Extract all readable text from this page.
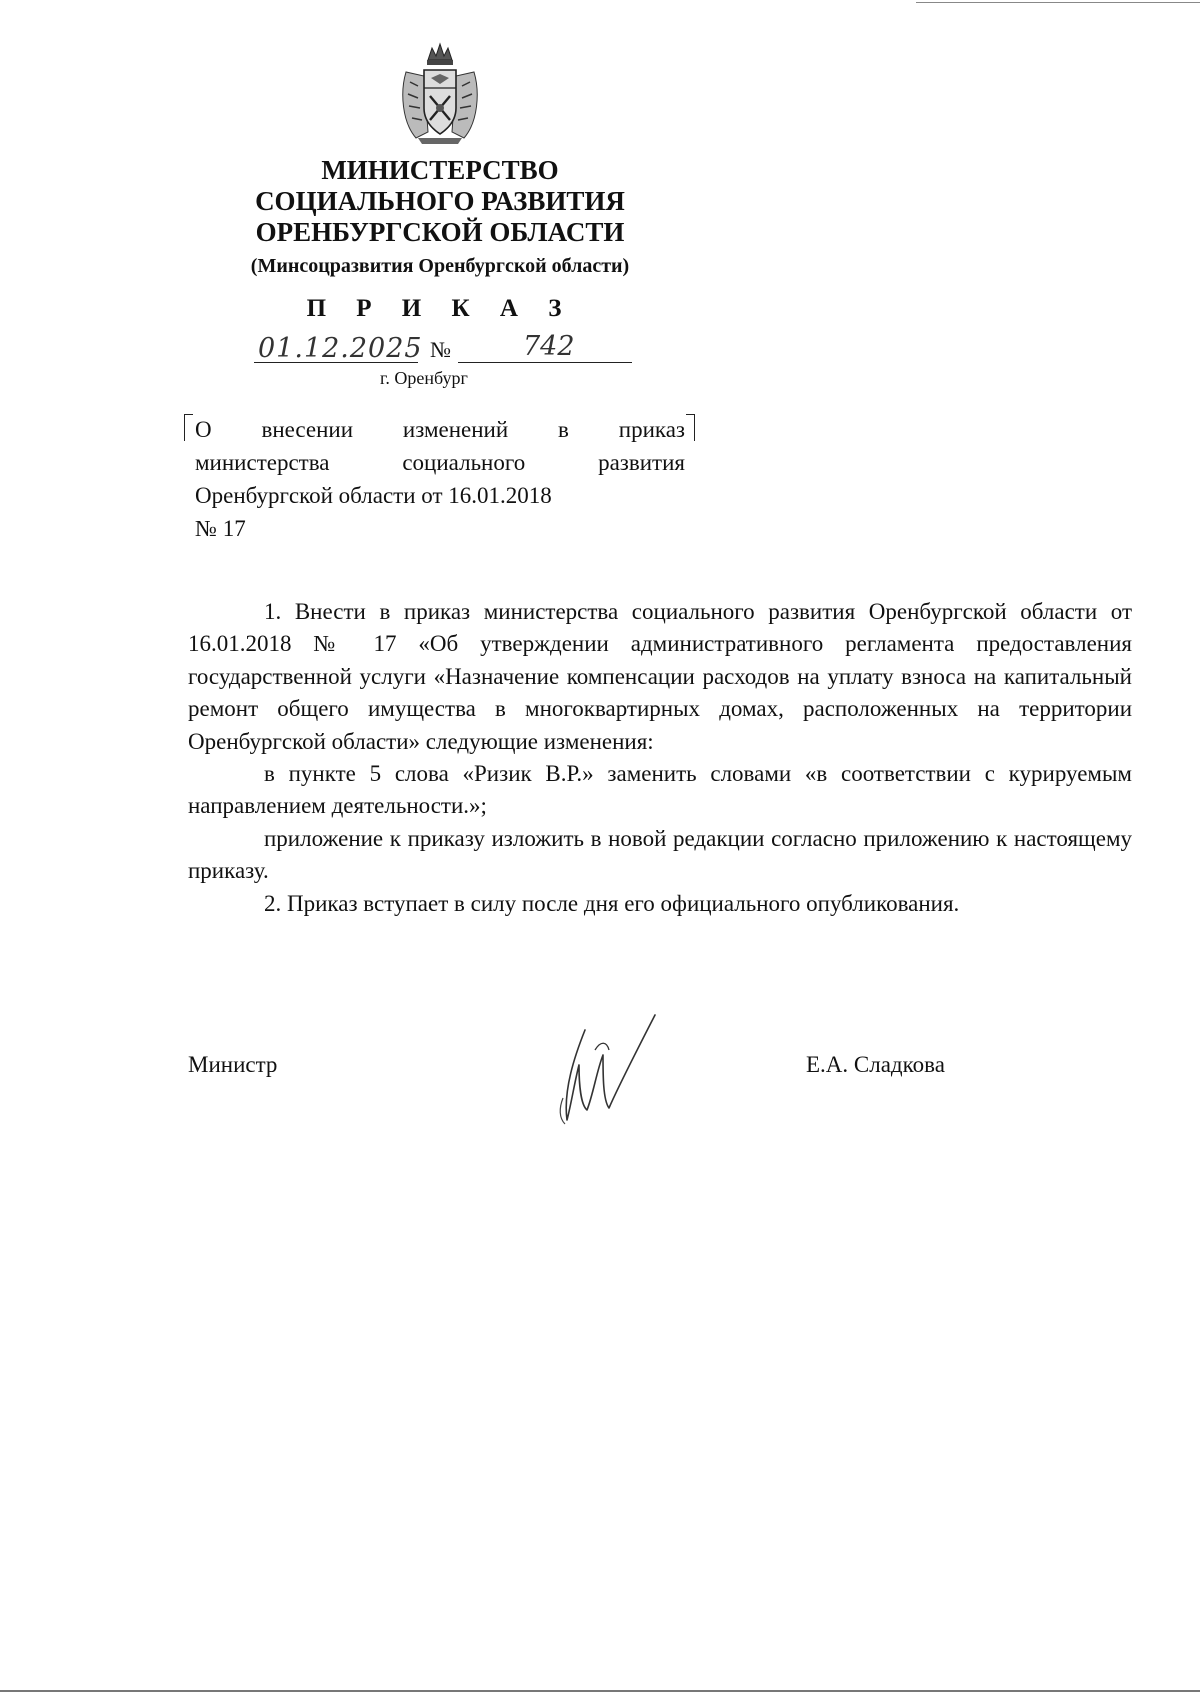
МИНИСТЕРСТВО
СОЦИАЛЬНОГО РАЗВИТИЯ
ОРЕНБУРГСКОЙ ОБЛАСТИ
(Минсоцразвития Оренбургской области)
П Р И К А З
01.12.2025 №	742
г. Оренбург
О внесении изменений в приказ
министерства социального развития
Оренбургской области от 16.01.2018
№ 17

1. Внести в приказ министерства социального развития Оренбургской области от 16.01.2018 № 17 «Об утверждении административного регламента предоставления государственной услуги «Назначение компенсации расходов на уплату взноса на капитальный ремонт общего имущества в многоквартирных домах, расположенных на территории Оренбургской области» следующие изменения:

в пункте 5 слова «Ризик В.Р.» заменить словами «в соответствии с курируемым направлением деятельности.»;

приложение к приказу изложить в новой редакции согласно приложению к настоящему приказу.

2. Приказ вступает в силу после дня его официального опубликования.

Министр	Е.А. Сладкова
